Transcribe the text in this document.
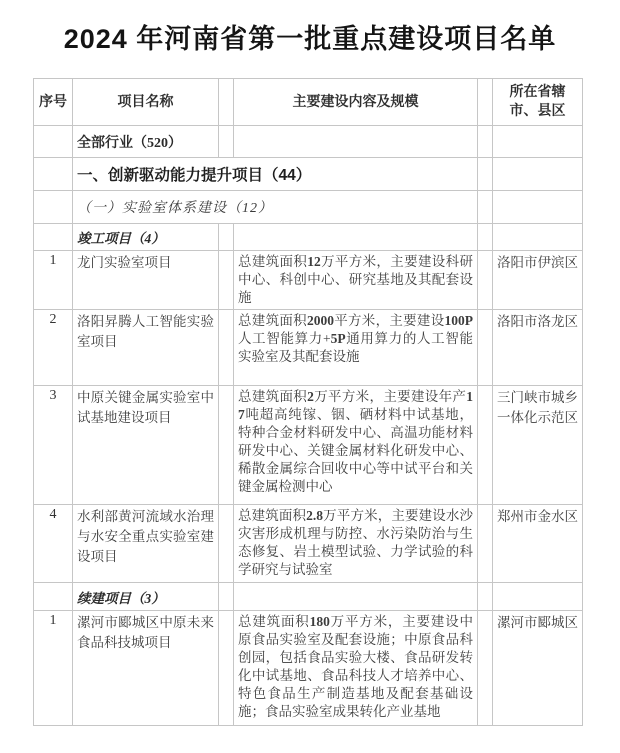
2024 年河南省第一批重点建设项目名单
序号	项目名称		主要建设内容及规模		所在省辖市、县区
	全部行业（520）				
	一、创新驱动能力提升项目（44）				
	（一）实验室体系建设（12）				
	竣工项目（4）				
1	龙门实验室项目		总建筑面积12万平方米，主要建设科研中心、科创中心、研究基地及其配套设施		洛阳市伊滨区
2	洛阳昇腾人工智能实验室项目		总建筑面积2000平方米，主要建设100P人工智能算力+5P通用算力的人工智能实验室及其配套设施		洛阳市洛龙区
3	中原关键金属实验室中试基地建设项目		总建筑面积2万平方米，主要建设年产17吨超高纯镓、铟、硒材料中试基地，特种合金材料研发中心、高温功能材料研发中心、关键金属材料化研发中心、稀散金属综合回收中心等中试平台和关键金属检测中心		三门峡市城乡一体化示范区
4	水利部黄河流域水治理与水安全重点实验室建设项目		总建筑面积2.8万平方米，主要建设水沙灾害形成机理与防控、水污染防治与生态修复、岩土模型试验、力学试验的科学研究与试验室		郑州市金水区
	续建项目（3）				
1	漯河市郾城区中原未来食品科技城项目		总建筑面积180万平方米，主要建设中原食品实验室及配套设施；中原食品科创园，包括食品实验大楼、食品研发转化中试基地、食品科技人才培养中心、特色食品生产制造基地及配套基础设施；食品实验室成果转化产业基地		漯河市郾城区
